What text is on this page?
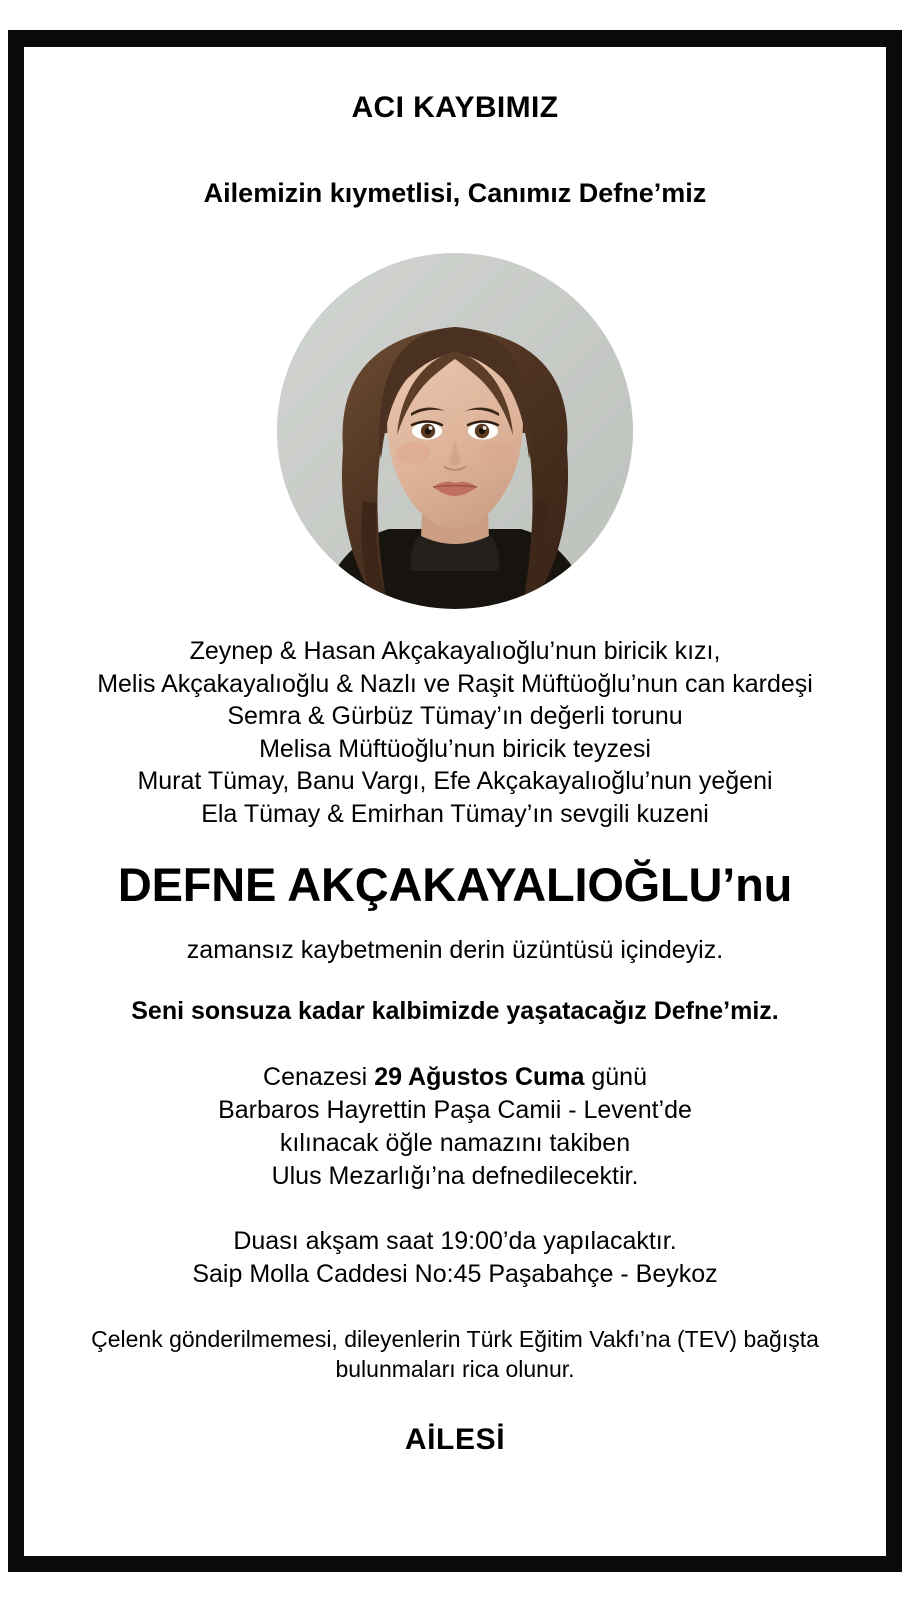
ACI KAYBIMIZ
Ailemizin kıymetlisi, Canımız Defne’miz

Zeynep & Hasan Akçakayalıoğlu’nun biricik kızı,

Melis Akçakayalıoğlu & Nazlı ve Raşit Müftüoğlu’nun can kardeşi

Semra & Gürbüz Tümay’ın değerli torunu

Melisa Müftüoğlu’nun biricik teyzesi

Murat Tümay, Banu Vargı, Efe Akçakayalıoğlu’nun yeğeni

Ela Tümay & Emirhan Tümay’ın sevgili kuzeni

DEFNE AKÇAKAYALIOĞLU’nu

zamansız kaybetmenin derin üzüntüsü içindeyiz.

Seni sonsuza kadar kalbimizde yaşatacağız Defne’miz.

Cenazesi 29 Ağustos Cuma günü

Barbaros Hayrettin Paşa Camii - Levent’de

kılınacak öğle namazını takiben

Ulus Mezarlığı’na defnedilecektir.

Duası akşam saat 19:00’da yapılacaktır.

Saip Molla Caddesi No:45 Paşabahçe - Beykoz

Çelenk gönderilmemesi, dileyenlerin Türk Eğitim Vakfı’na (TEV) bağışta

bulunmaları rica olunur.

AİLESİ
